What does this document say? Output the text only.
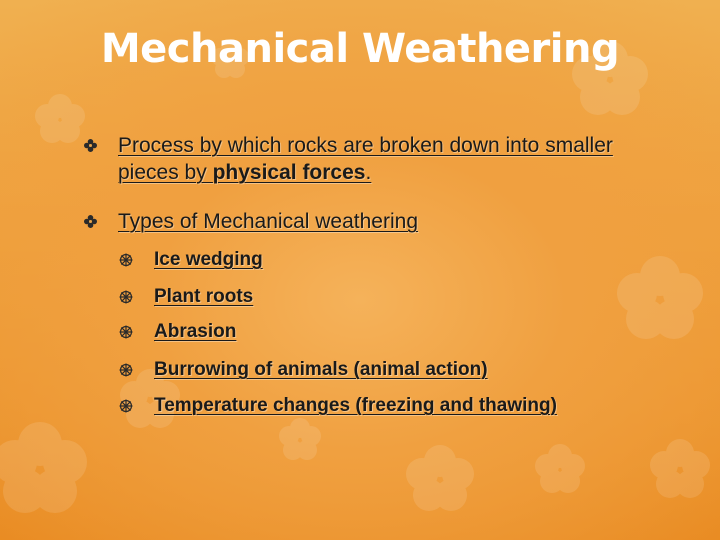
Mechanical Weathering
Process by which rocks are broken down into smaller pieces by physical forces.
Types of Mechanical weathering
Ice wedging
Plant roots
Abrasion
Burrowing of animals (animal action)
Temperature changes (freezing and thawing)
